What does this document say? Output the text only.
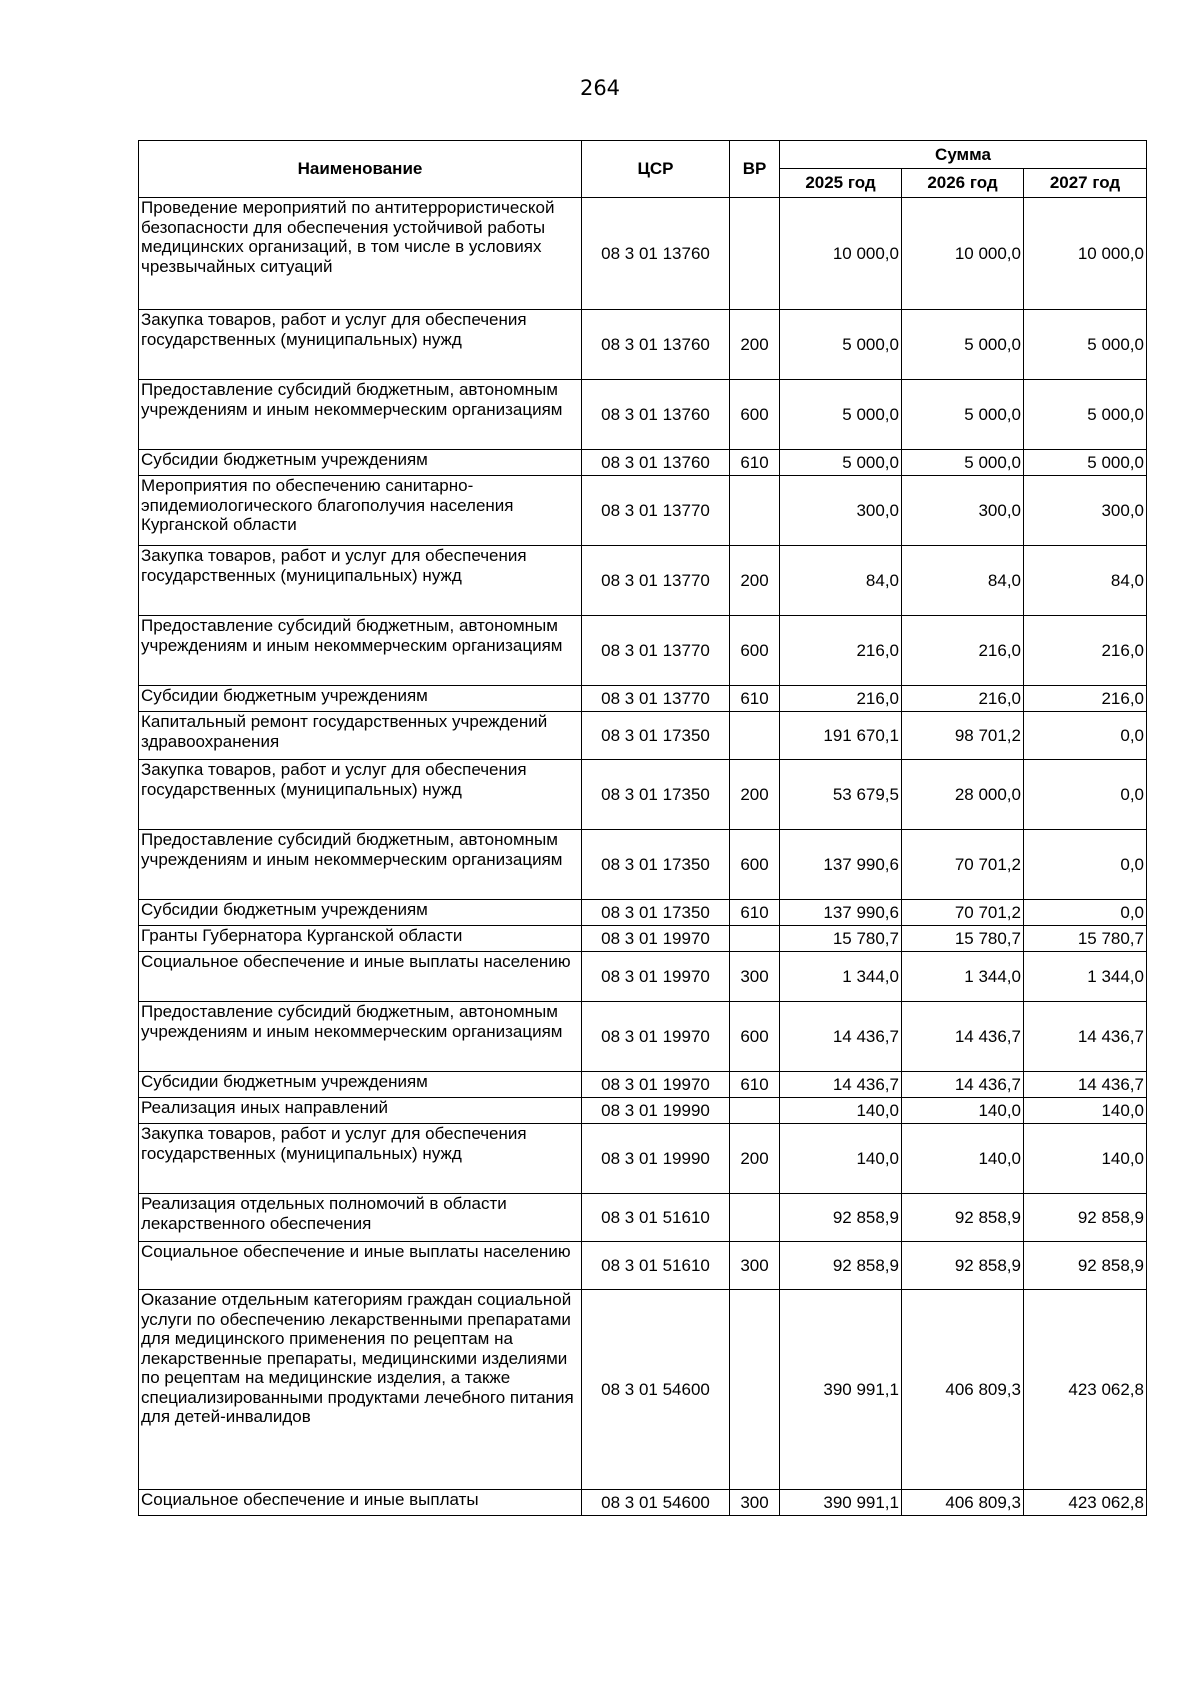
264
Наименование	ЦСР	ВР	Сумма		
			2025 год	2026 год	2027 год
Проведение мероприятий по антитеррористической безопасности для обеспечения устойчивой работы медицинских организаций, в том числе в условиях чрезвычайных ситуаций	08 3 01 13760		10 000,0	10 000,0	10 000,0
Закупка товаров, работ и услуг для обеспечения государственных (муниципальных) нужд	08 3 01 13760	200	5 000,0	5 000,0	5 000,0
Предоставление субсидий бюджетным, автономным учреждениям и иным некоммерческим организациям	08 3 01 13760	600	5 000,0	5 000,0	5 000,0
Субсидии бюджетным учреждениям	08 3 01 13760	610	5 000,0	5 000,0	5 000,0
Мероприятия по обеспечению санитарно-эпидемиологического благополучия населения Курганской области	08 3 01 13770		300,0	300,0	300,0
Закупка товаров, работ и услуг для обеспечения государственных (муниципальных) нужд	08 3 01 13770	200	84,0	84,0	84,0
Предоставление субсидий бюджетным, автономным учреждениям и иным некоммерческим организациям	08 3 01 13770	600	216,0	216,0	216,0
Субсидии бюджетным учреждениям	08 3 01 13770	610	216,0	216,0	216,0
Капитальный ремонт государственных учреждений здравоохранения	08 3 01 17350		191 670,1	98 701,2	0,0
Закупка товаров, работ и услуг для обеспечения государственных (муниципальных) нужд	08 3 01 17350	200	53 679,5	28 000,0	0,0
Предоставление субсидий бюджетным, автономным учреждениям и иным некоммерческим организациям	08 3 01 17350	600	137 990,6	70 701,2	0,0
Субсидии бюджетным учреждениям	08 3 01 17350	610	137 990,6	70 701,2	0,0
Гранты Губернатора Курганской области	08 3 01 19970		15 780,7	15 780,7	15 780,7
Социальное обеспечение и иные выплаты населению	08 3 01 19970	300	1 344,0	1 344,0	1 344,0
Предоставление субсидий бюджетным, автономным учреждениям и иным некоммерческим организациям	08 3 01 19970	600	14 436,7	14 436,7	14 436,7
Субсидии бюджетным учреждениям	08 3 01 19970	610	14 436,7	14 436,7	14 436,7
Реализация иных направлений	08 3 01 19990		140,0	140,0	140,0
Закупка товаров, работ и услуг для обеспечения государственных (муниципальных) нужд	08 3 01 19990	200	140,0	140,0	140,0
Реализация отдельных полномочий в области лекарственного обеспечения	08 3 01 51610		92 858,9	92 858,9	92 858,9
Социальное обеспечение и иные выплаты населению	08 3 01 51610	300	92 858,9	92 858,9	92 858,9
Оказание отдельным категориям граждан социальной услуги по обеспечению лекарственными препаратами для медицинского применения по рецептам на лекарственные препараты, медицинскими изделиями по рецептам на медицинские изделия, а также специализированными продуктами лечебного питания для детей-инвалидов	08 3 01 54600		390 991,1	406 809,3	423 062,8
Социальное обеспечение и иные выплаты	08 3 01 54600	300	390 991,1	406 809,3	423 062,8
